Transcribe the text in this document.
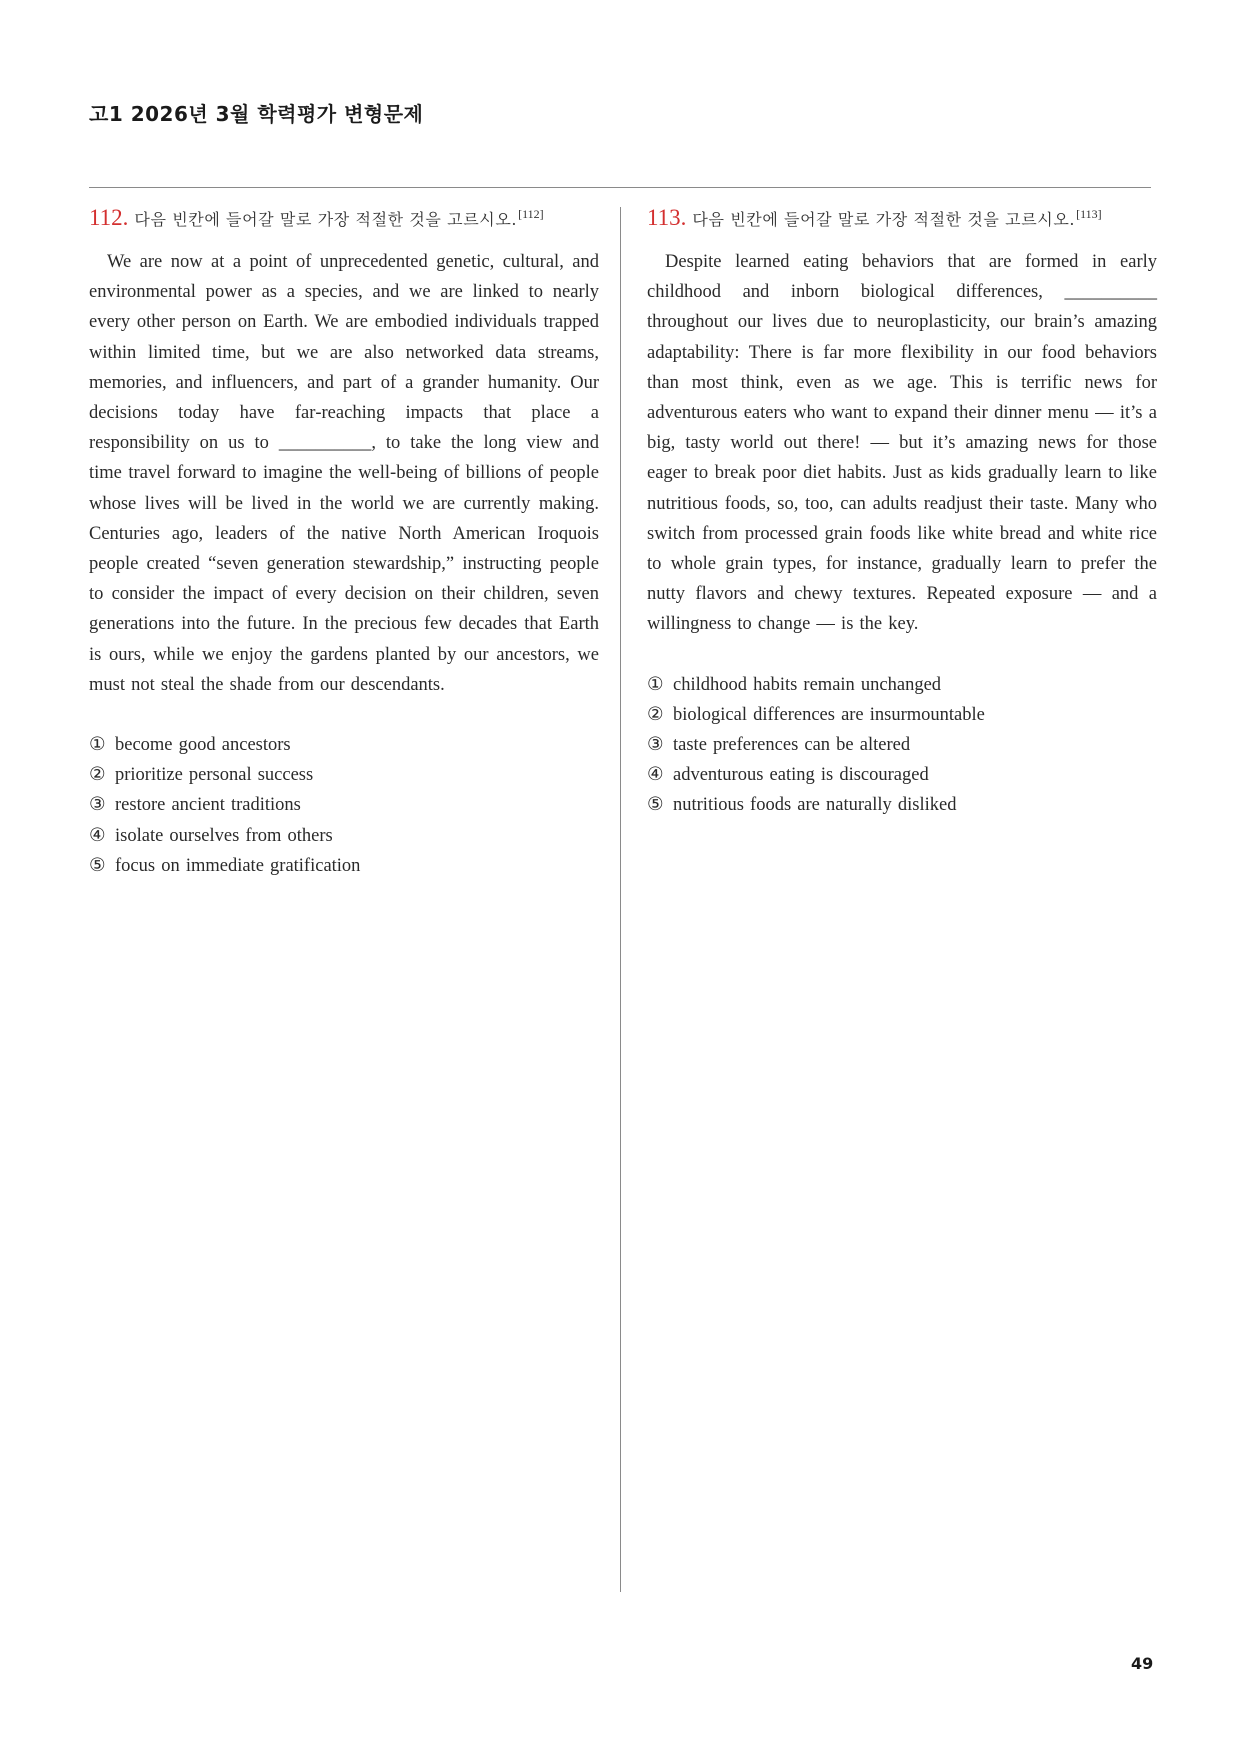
고1 2026년 3월 학력평가 변형문제
112. 다음 빈칸에 들어갈 말로 가장 적절한 것을 고르시오. [112]
We are now at a point of unprecedented genetic, cultural, and environmental power as a species, and we are linked to nearly every other person on Earth. We are embodied individuals trapped within limited time, but we are also networked data streams, memories, and influencers, and part of a grander humanity. Our decisions today have far‐reaching impacts that place a responsibility on us to __________, to take the long view and time travel forward to imagine the well‐being of billions of people whose lives will be lived in the world we are currently making. Centuries ago, leaders of the native North American Iroquois people created “seven generation stewardship,” instructing people to consider the impact of every decision on their children, seven generations into the future. In the precious few decades that Earth is ours, while we enjoy the gardens planted by our ancestors, we must not steal the shade from our descendants.
① become good ancestors
② prioritize personal success
③ restore ancient traditions
④ isolate ourselves from others
⑤ focus on immediate gratification
113. 다음 빈칸에 들어갈 말로 가장 적절한 것을 고르시오. [113]
Despite learned eating behaviors that are formed in early childhood and inborn biological differences, __________ throughout our lives due to neuroplasticity, our brain’s amazing adaptability: There is far more flexibility in our food behaviors than most think, even as we age. This is terrific news for adventurous eaters who want to expand their dinner menu — it’s a big, tasty world out there! — but it’s amazing news for those eager to break poor diet habits. Just as kids gradually learn to like nutritious foods, so, too, can adults readjust their taste. Many who switch from processed grain foods like white bread and white rice to whole grain types, for instance, gradually learn to prefer the nutty flavors and chewy textures. Repeated exposure — and a willingness to change — is the key.
① childhood habits remain unchanged
② biological differences are insurmountable
③ taste preferences can be altered
④ adventurous eating is discouraged
⑤ nutritious foods are naturally disliked
49
